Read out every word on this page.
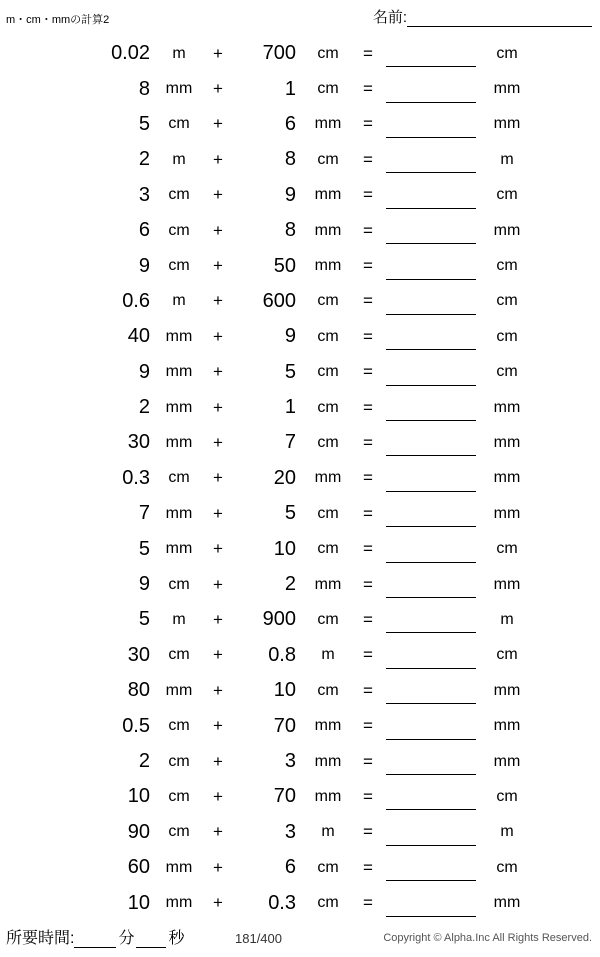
m・cm・mmの計算2	名前:
0.02	m	+	700	cm	=	cm
8 mm	+	1	cm	=	mm
5	cm	+	6	mm	=	mm
2	m	+	8	cm	=	m
3	cm	+	9	mm	=	cm
6	cm	+	8	mm	=	mm
9	cm	+	50	mm	=	cm
0.6	m	+	600	cm	=	cm
40 mm	+	9	cm	=	cm
9 mm	+	5	cm	=	cm
2 mm	+	1	cm	=	mm
30 mm	+	7	cm	=	mm
0.3	cm	+	20	mm	=	mm
7 mm	+	5	cm	=	mm
5 mm	+	10	cm	=	cm
9	cm	+	2	mm	=	mm
5	m	+	900	cm	=	m
30	cm	+	0.8	m	=	cm
80 mm	+	10	cm	=	mm
0.5	cm	+	70	mm	=	mm
2	cm	+	3	mm	=	mm
10	cm	+	70	mm	=	cm
90	cm	+	3	m	=	m
60 mm	+	6	cm	=	cm
10 mm	+	0.3	cm	=	mm
所要時間:	分 秒	181/400	Copyright © Alpha.Inc All Rights Reserved.
